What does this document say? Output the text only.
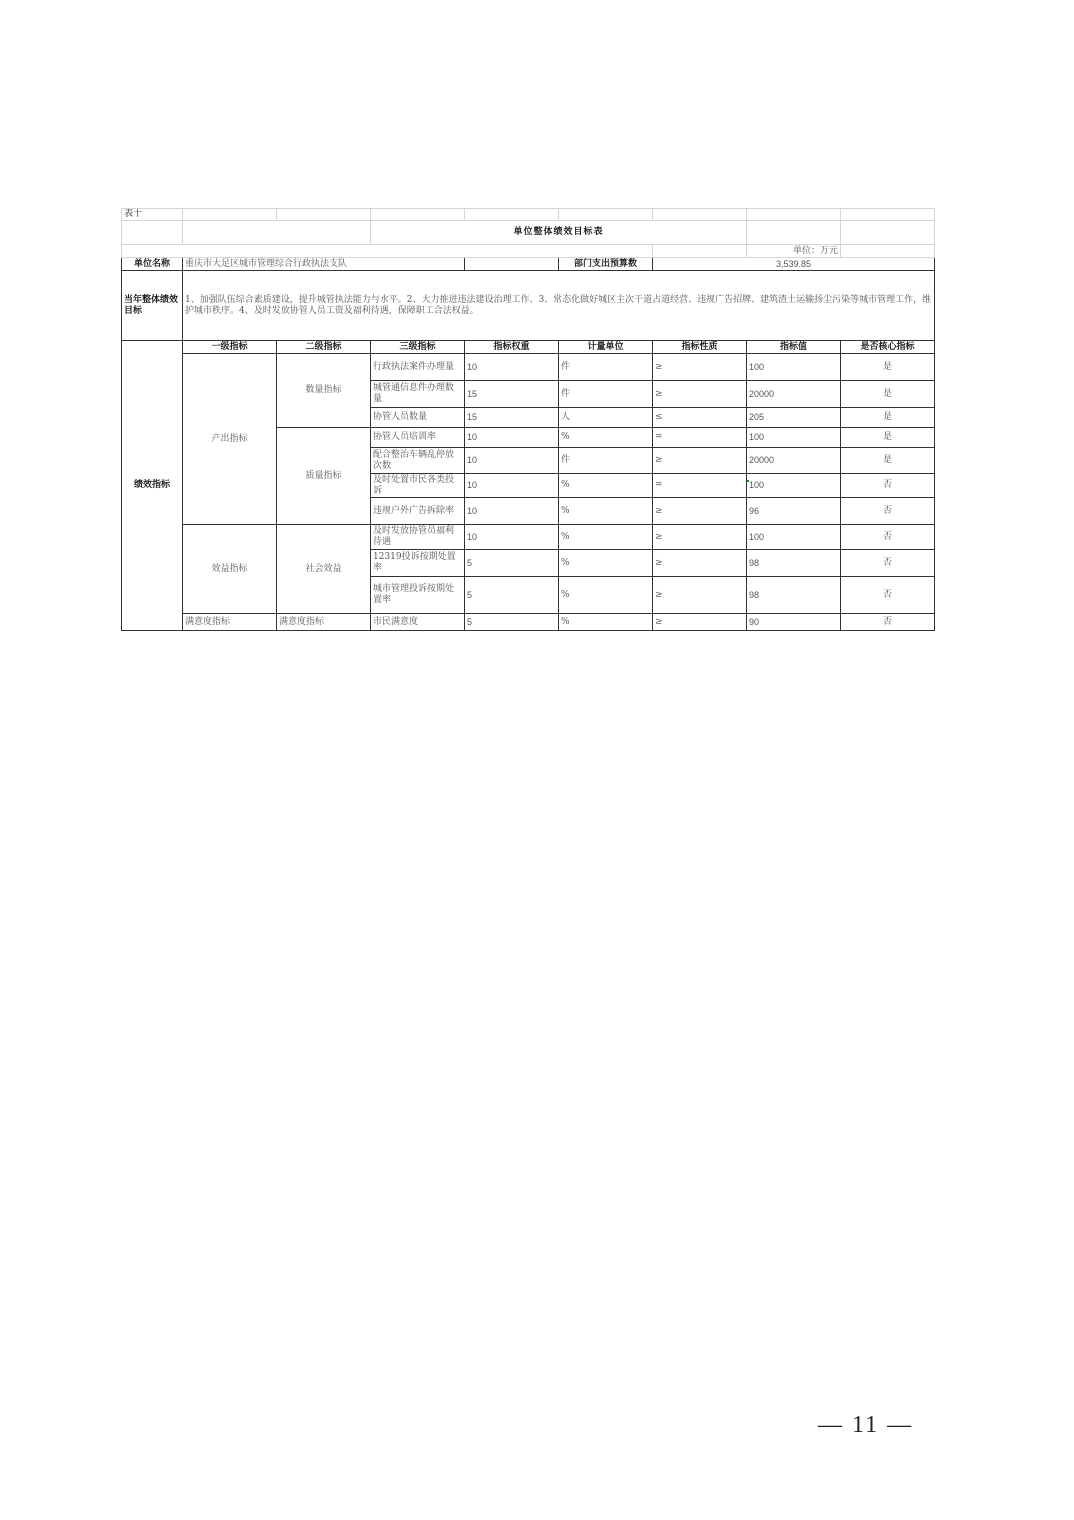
表十								
			单位整体绩效目标表					
							单位：万元	
单位名称	重庆市大足区城市管理综合行政执法支队				部门支出预算数	3,539.85		
当年整体绩效目标	1、加强队伍综合素质建设，提升城管执法能力与水平。2、大力推进违法建设治理工作。3、常态化做好城区主次干道占道经营、违规广告招牌、建筑渣土运输扬尘污染等城市管理工作，维护城市秩序。4、及时发放协管人员工资及福利待遇，保障职工合法权益。							
绩效指标	一级指标	二级指标	三级指标	指标权重	计量单位	指标性质	指标值	是否核心指标
	产出指标	数量指标	行政执法案件办理量	10	件	≥	100	是
			城管通信息件办理数量	15	件	≥	20000	是
			协管人员数量	15	人	≤	205	是
		质量指标	协管人员培训率	10	%	=	100	是
			配合整治车辆乱停放次数	10	件	≥	20000	是
			及时处置市民各类投诉	10	%	=	100	否
			违规户外广告拆除率	10	%	≥	96	否
	效益指标	社会效益	及时发放协管员福利待遇	10	%	≥	100	否
			12319投诉按期处置率	5	%	≥	98	否
			城市管理投诉按期处置率	5	%	≥	98	否
	满意度指标	满意度指标	市民满意度	5	%	≥	90	否
— 11 —
